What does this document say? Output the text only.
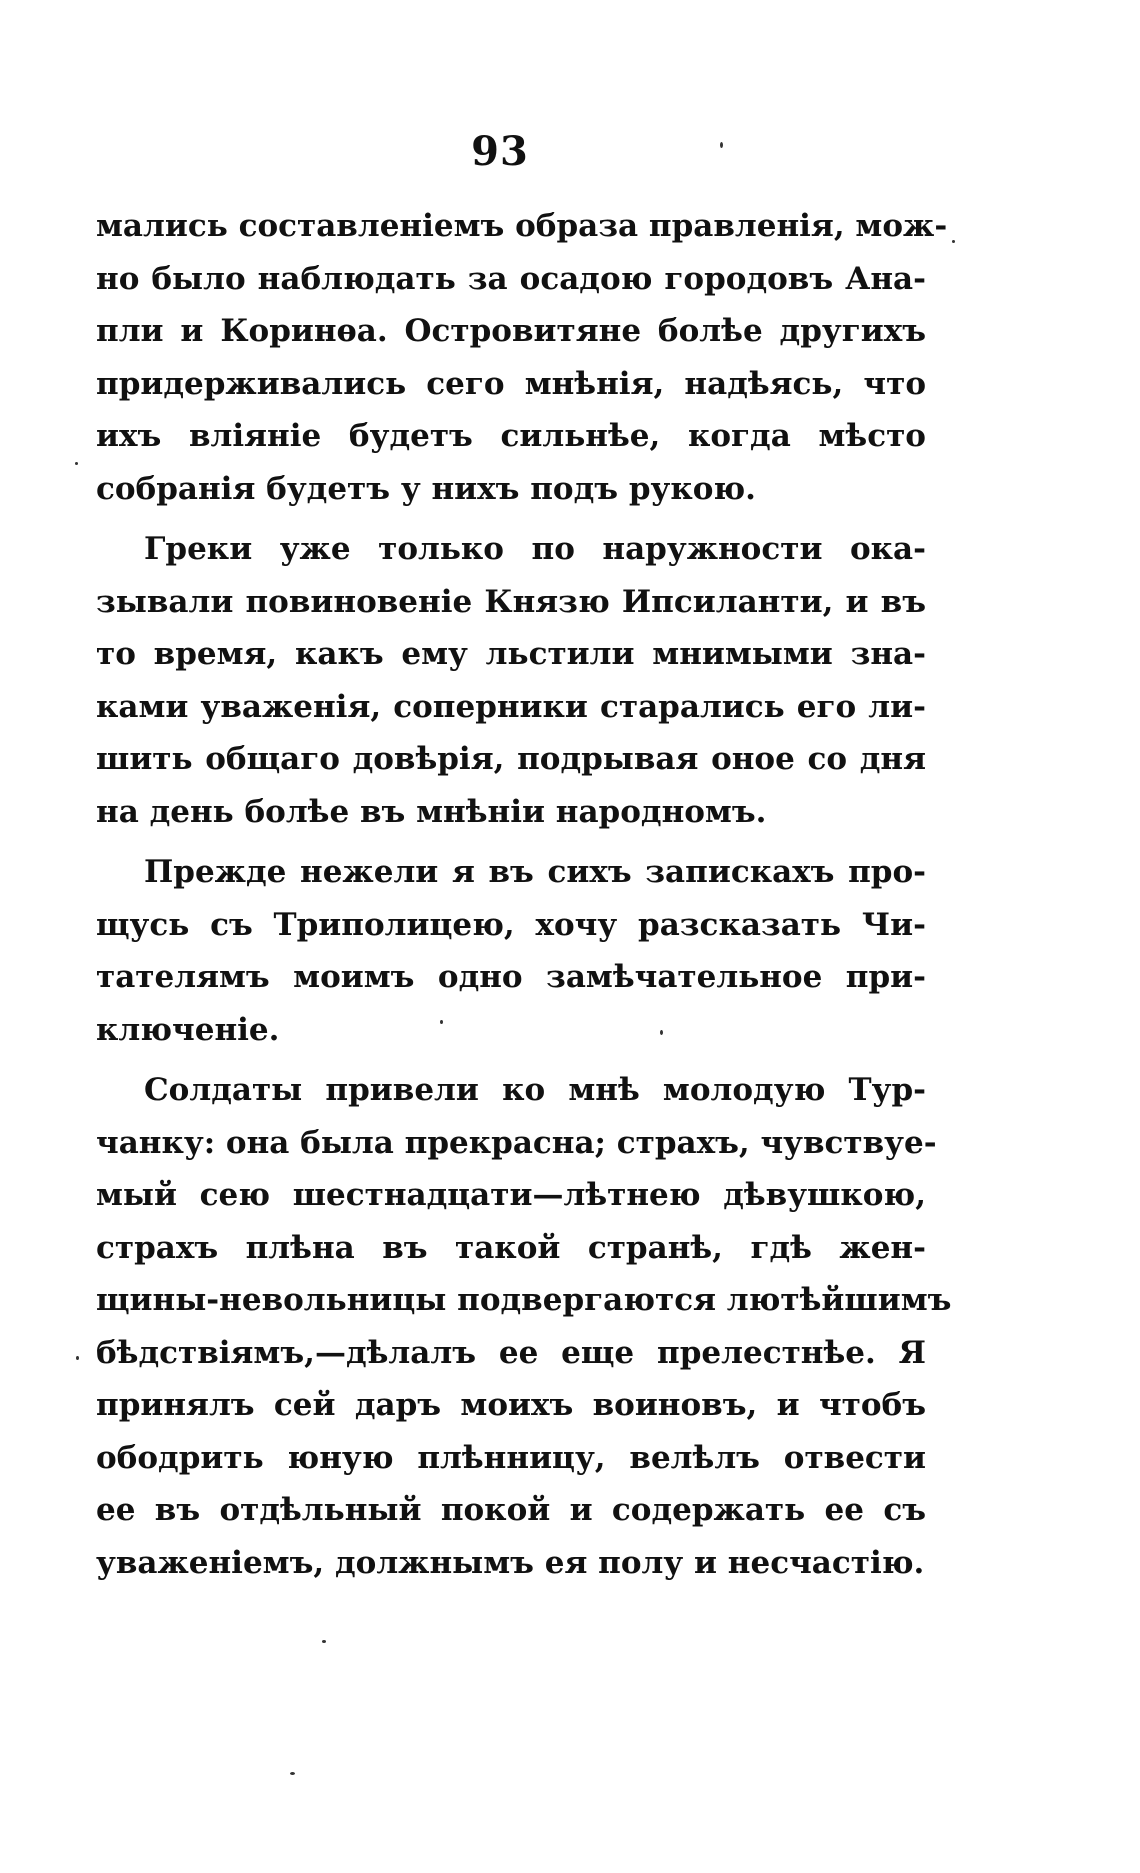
93
мались составленіемъ образа правленія, мож-
но было наблюдать за осадою городовъ Ана-
пли и Коринѳа. Островитяне болѣе другихъ
придерживались сего мнѣнія, надѣясь, что
ихъ вліяніе будетъ сильнѣе, когда мѣсто
собранія будетъ у нихъ подъ рукою.
Греки уже только по наружности ока-
зывали повиновеніе Князю Ипсиланти, и въ
то время, какъ ему льстили мнимыми зна-
ками уваженія, соперники старались его ли-
шить общаго довѣрія, подрывая оное со дня
на день болѣе въ мнѣніи народномъ.
Прежде нежели я въ сихъ запискахъ про-
щусь съ Триполицею, хочу разсказать Чи-
тателямъ моимъ одно замѣчательное при-
ключеніе.
Солдаты привели ко мнѣ молодую Тур-
чанку: она была прекрасна; страхъ, чувствуе-
мый сею шестнадцати—лѣтнею дѣвушкою,
страхъ плѣна въ такой странѣ, гдѣ жен-
щины-невольницы подвергаются лютѣйшимъ
бѣдствіямъ,—дѣлалъ ее еще прелестнѣе. Я
принялъ сей даръ моихъ воиновъ, и чтобъ
ободрить юную плѣнницу, велѣлъ отвести
ее въ отдѣльный покой и содержать ее съ
уваженіемъ, должнымъ ея полу и несчастію.
